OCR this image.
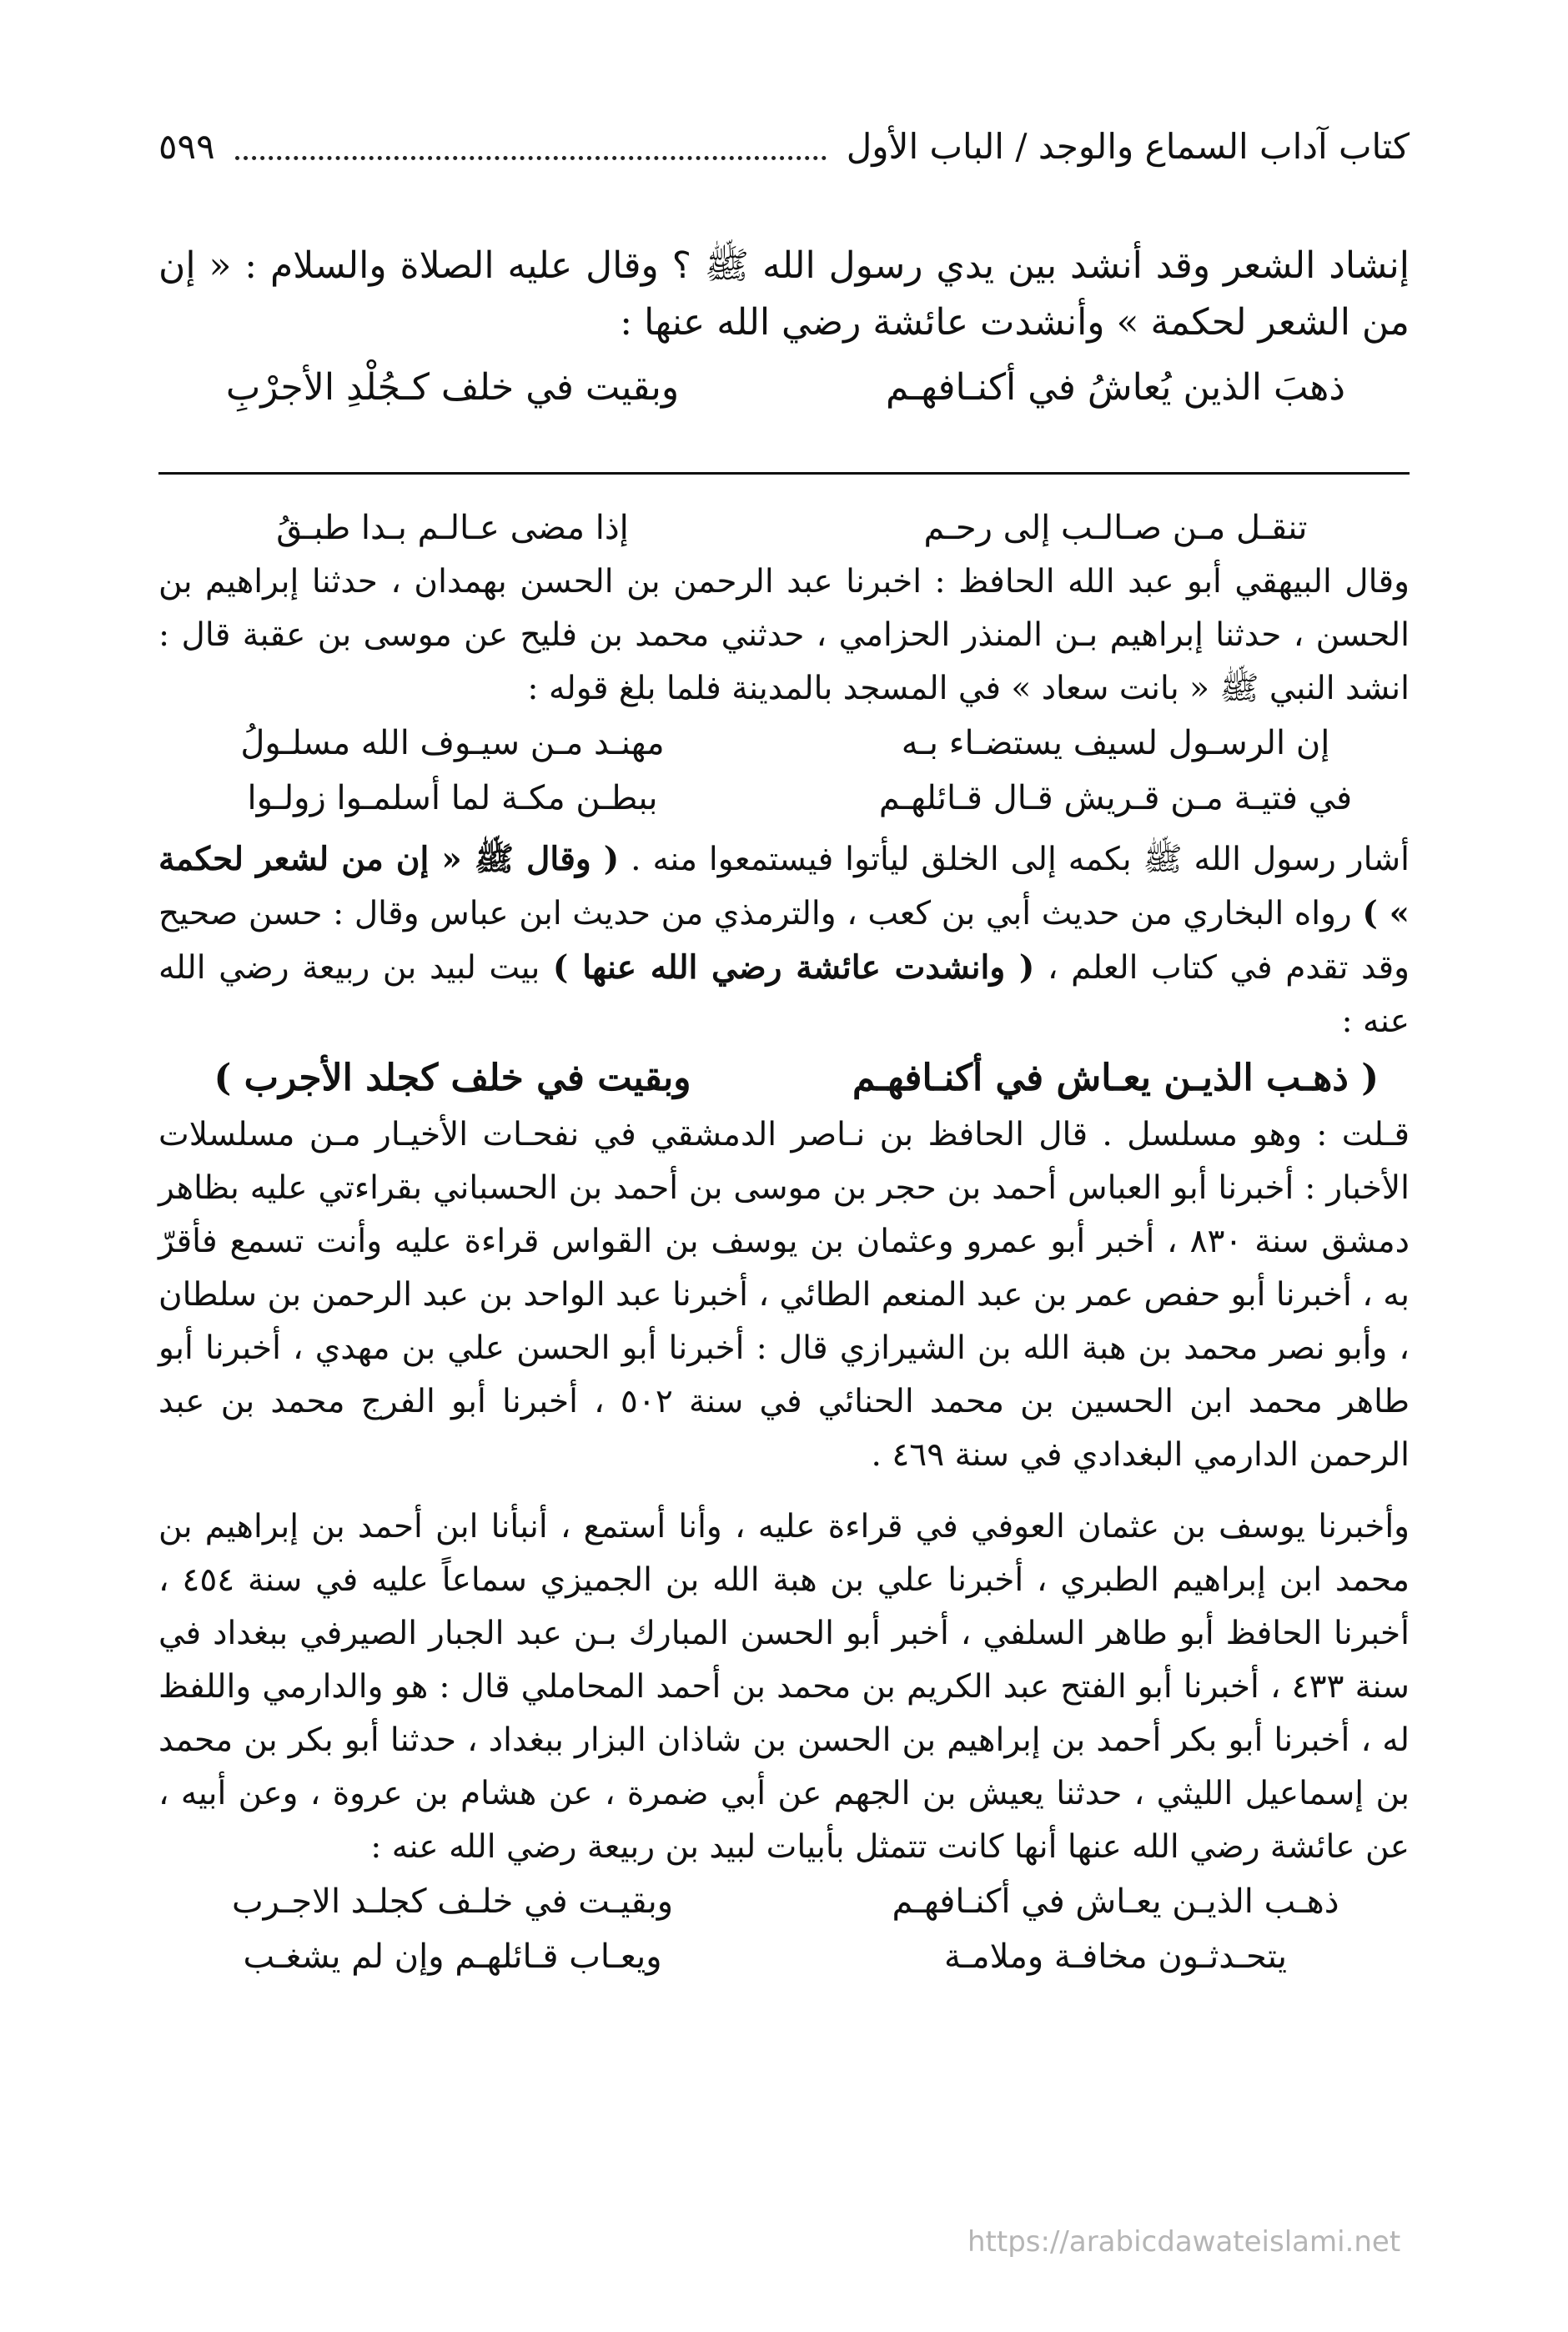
كتاب آداب السماع والوجد / الباب الأول
٥٩٩

إنشاد الشعر وقد أنشد بين يدي رسول الله ﷺ ؟ وقال عليه الصلاة والسلام : « إن من الشعر لحكمة » وأنشدت عائشة رضي الله عنها :

ذهبَ الذين يُعاشُ في أكنـافهـم
وبقيت في خلف كـجُلْدِ الأجرْبِ
تنقـل مـن صـالـب إلى رحـم
إذا مضى عـالـم بـدا طبـقُ

وقال البيهقي أبو عبد الله الحافظ : اخبرنا عبد الرحمن بن الحسن بهمدان ، حدثنا إبراهيم بن الحسن ، حدثنا إبراهيم بـن المنذر الحزامي ، حدثني محمد بن فليح عن موسى بن عقبة قال : انشد النبي ﷺ « بانت سعاد » في المسجد بالمدينة فلما بلغ قوله :

إن الرسـول لسيف يستضـاء بـه
مهنـد مـن سيـوف الله مسلـولُ
في فتيـة مـن قـريش قـال قـائلهـم
ببطـن مكـة لما أسلمـوا زولـوا

أشار رسول الله ﷺ بكمه إلى الخلق ليأتوا فيستمعوا منه . ( وقال ﷺ « إن من لشعر لحكمة » ) رواه البخاري من حديث أبي بن كعب ، والترمذي من حديث ابن عباس وقال : حسن صحيح وقد تقدم في كتاب العلم ، ( وانشدت عائشة رضي الله عنها ) بيت لبيد بن ربيعة رضي الله عنه :

( ذهـب الذيـن يعـاش في أكنـافهـم
وبقيت في خلف كجلد الأجرب )

قـلت : وهو مسلسل . قال الحافظ بن نـاصر الدمشقي في نفحـات الأخيـار مـن مسلسلات الأخبار : أخبرنا أبو العباس أحمد بن حجر بن موسى بن أحمد بن الحسباني بقراءتي عليه بظاهر دمشق سنة ٨٣٠ ، أخبر أبو عمرو وعثمان بن يوسف بن القواس قراءة عليه وأنت تسمع فأقرّ به ، أخبرنا أبو حفص عمر بن عبد المنعم الطائي ، أخبرنا عبد الواحد بن عبد الرحمن بن سلطان ، وأبو نصر محمد بن هبة الله بن الشيرازي قال : أخبرنا أبو الحسن علي بن مهدي ، أخبرنا أبو طاهر محمد ابن الحسين بن محمد الحنائي في سنة ٥٠٢ ، أخبرنا أبو الفرج محمد بن عبد الرحمن الدارمي البغدادي في سنة ٤٦٩ .

وأخبرنا يوسف بن عثمان العوفي في قراءة عليه ، وأنا أستمع ، أنبأنا ابن أحمد بن إبراهيم بن محمد ابن إبراهيم الطبري ، أخبرنا علي بن هبة الله بن الجميزي سماعاً عليه في سنة ٤٥٤ ، أخبرنا الحافظ أبو طاهر السلفي ، أخبر أبو الحسن المبارك بـن عبد الجبار الصيرفي ببغداد في سنة ٤٣٣ ، أخبرنا أبو الفتح عبد الكريم بن محمد بن أحمد المحاملي قال : هو والدارمي واللفظ له ، أخبرنا أبو بكر أحمد بن إبراهيم بن الحسن بن شاذان البزار ببغداد ، حدثنا أبو بكر بن محمد بن إسماعيل الليثي ، حدثنا يعيش بن الجهم عن أبي ضمرة ، عن هشام بن عروة ، وعن أبيه ، عن عائشة رضي الله عنها أنها كانت تتمثل بأبيات لبيد بن ربيعة رضي الله عنه :

ذهـب الذيـن يعـاش في أكنـافهـم
وبقيـت في خلـف كجلـد الاجـرب
يتحـدثـون مخافـة وملامـة
ويعـاب قـائلهـم وإن لم يشغـب
https://arabicdawateislami.net
